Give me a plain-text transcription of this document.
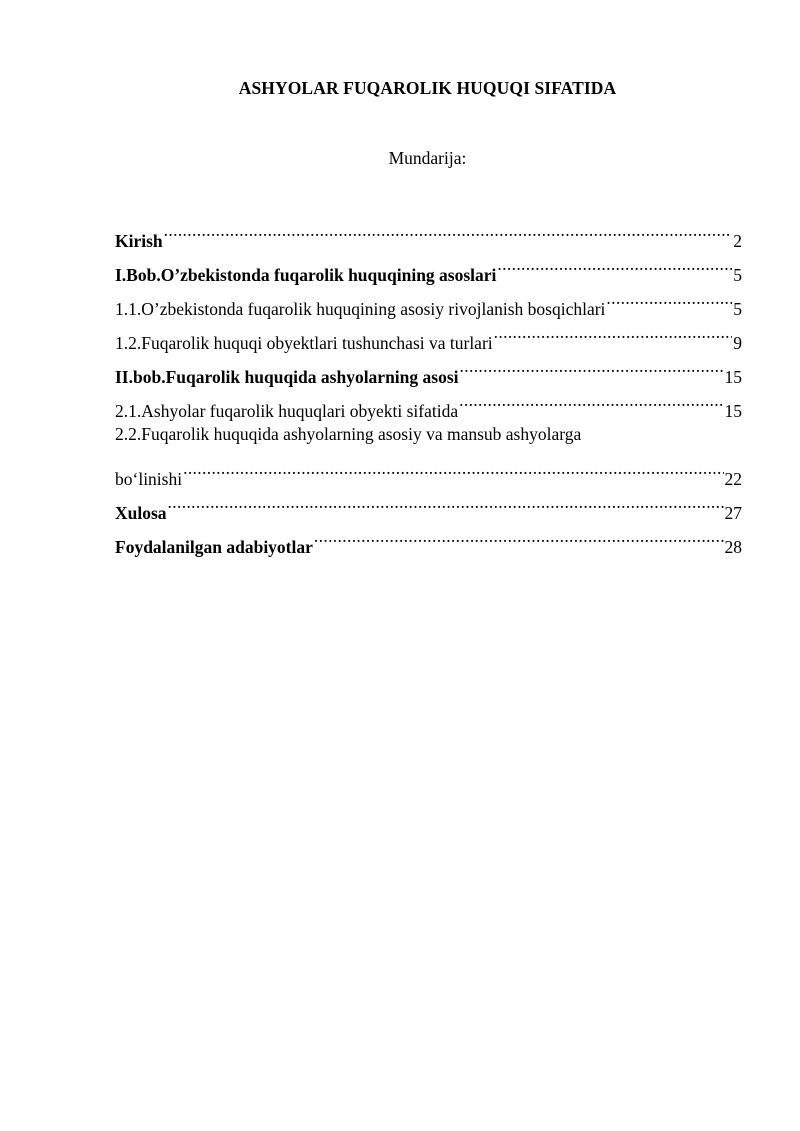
ASHYOLAR FUQAROLIK HUQUQI SIFATIDA
Mundarija:
Kirish .....	2
I.Bob.O’zbekistonda fuqarolik huquqining asoslari .....	5
1.1.O’zbekistonda fuqarolik huquqining asosiy rivojlanish bosqichlari .....	5
1.2.Fuqarolik huquqi obyektlari tushunchasi va turlari .....	9
II.bob.Fuqarolik huquqida ashyolarning asosi .....	15
2.1.Ashyolar fuqarolik huquqlari obyekti sifatida .....	15
2.2.Fuqarolik huquqida ashyolarning asosiy va mansub ashyolarga
boʻlinishi .....	22
Xulosa .....	27
Foydalanilgan adabiyotlar .....	28
